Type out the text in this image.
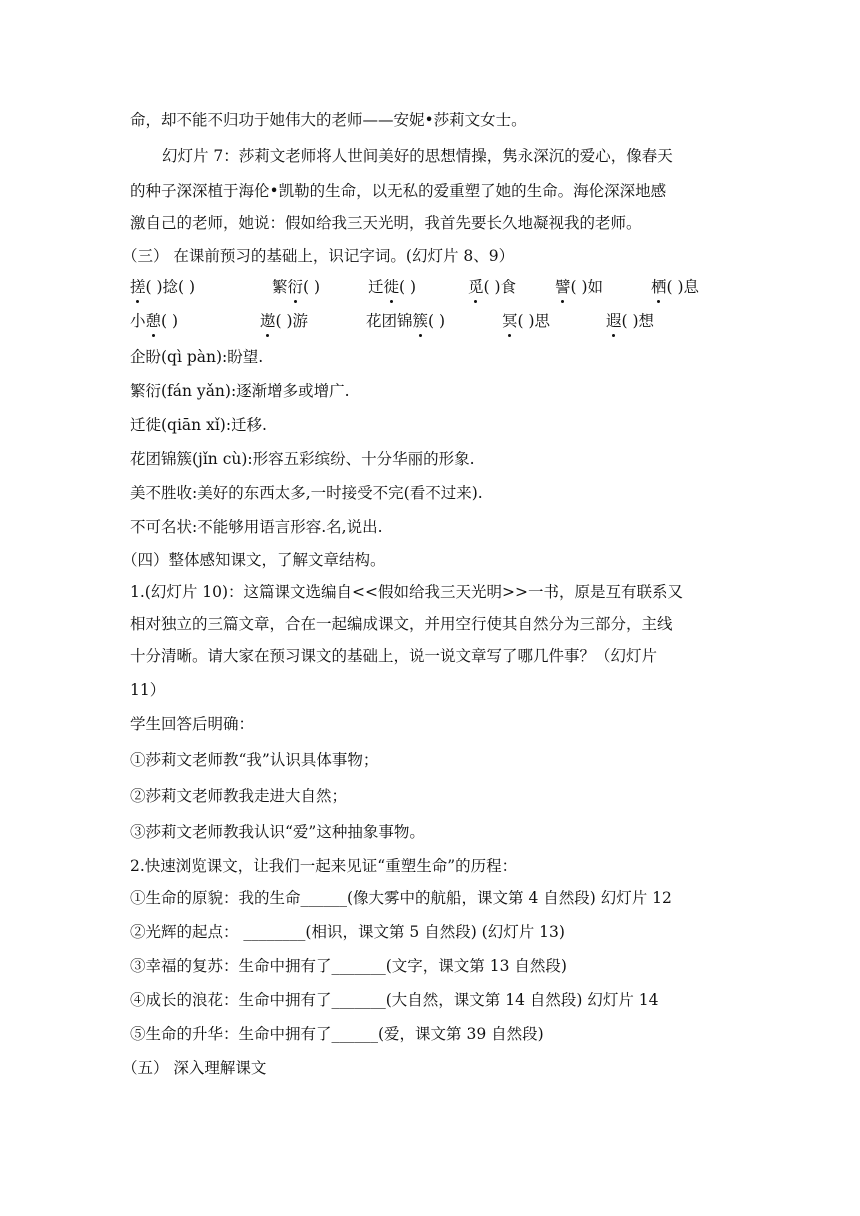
命，却不能不归功于她伟大的老师——安妮•莎莉文女士。
幻灯片 7：莎莉文老师将人世间美好的思想情操，隽永深沉的爱心，像春天
的种子深深植于海伦•凯勒的生命，以无私的爱重塑了她的生命。海伦深深地感
激自己的老师，她说：假如给我三天光明，我首先要长久地凝视我的老师。
（三） 在课前预习的基础上，识记字词。(幻灯片 8、9）
搓( )捻( )	繁衍( )	迁徙( )	觅( )食	譬( )如	栖( )息
小憩( )	遨( )游	花团锦簇( )	冥( )思	遐( )想
企盼(qì pàn):盼望.
繁衍(fán yǎn):逐渐增多或增广.
迁徙(qiān xǐ):迁移.
花团锦簇(jǐn cù):形容五彩缤纷、十分华丽的形象.
美不胜收:美好的东西太多,一时接受不完(看不过来).
不可名状:不能够用语言形容.名,说出.
（四）整体感知课文，了解文章结构。
1.(幻灯片 10)：这篇课文选编自<<假如给我三天光明>>一书，原是互有联系又
相对独立的三篇文章，合在一起编成课文，并用空行使其自然分为三部分，主线
十分清晰。请大家在预习课文的基础上，说一说文章写了哪几件事？（幻灯片
11）
学生回答后明确：
①莎莉文老师教“我”认识具体事物；
②莎莉文老师教我走进大自然；
③莎莉文老师教我认识“爱”这种抽象事物。
2.快速浏览课文，让我们一起来见证“重塑生命”的历程：
①生命的原貌：我的生命______(像大雾中的航船，课文第 4 自然段) 幻灯片 12
②光辉的起点： ________(相识，课文第 5 自然段) (幻灯片 13)
③幸福的复苏：生命中拥有了_______(文字，课文第 13 自然段)
④成长的浪花：生命中拥有了_______(大自然，课文第 14 自然段) 幻灯片 14
⑤生命的升华：生命中拥有了______(爱，课文第 39 自然段)
（五） 深入理解课文
